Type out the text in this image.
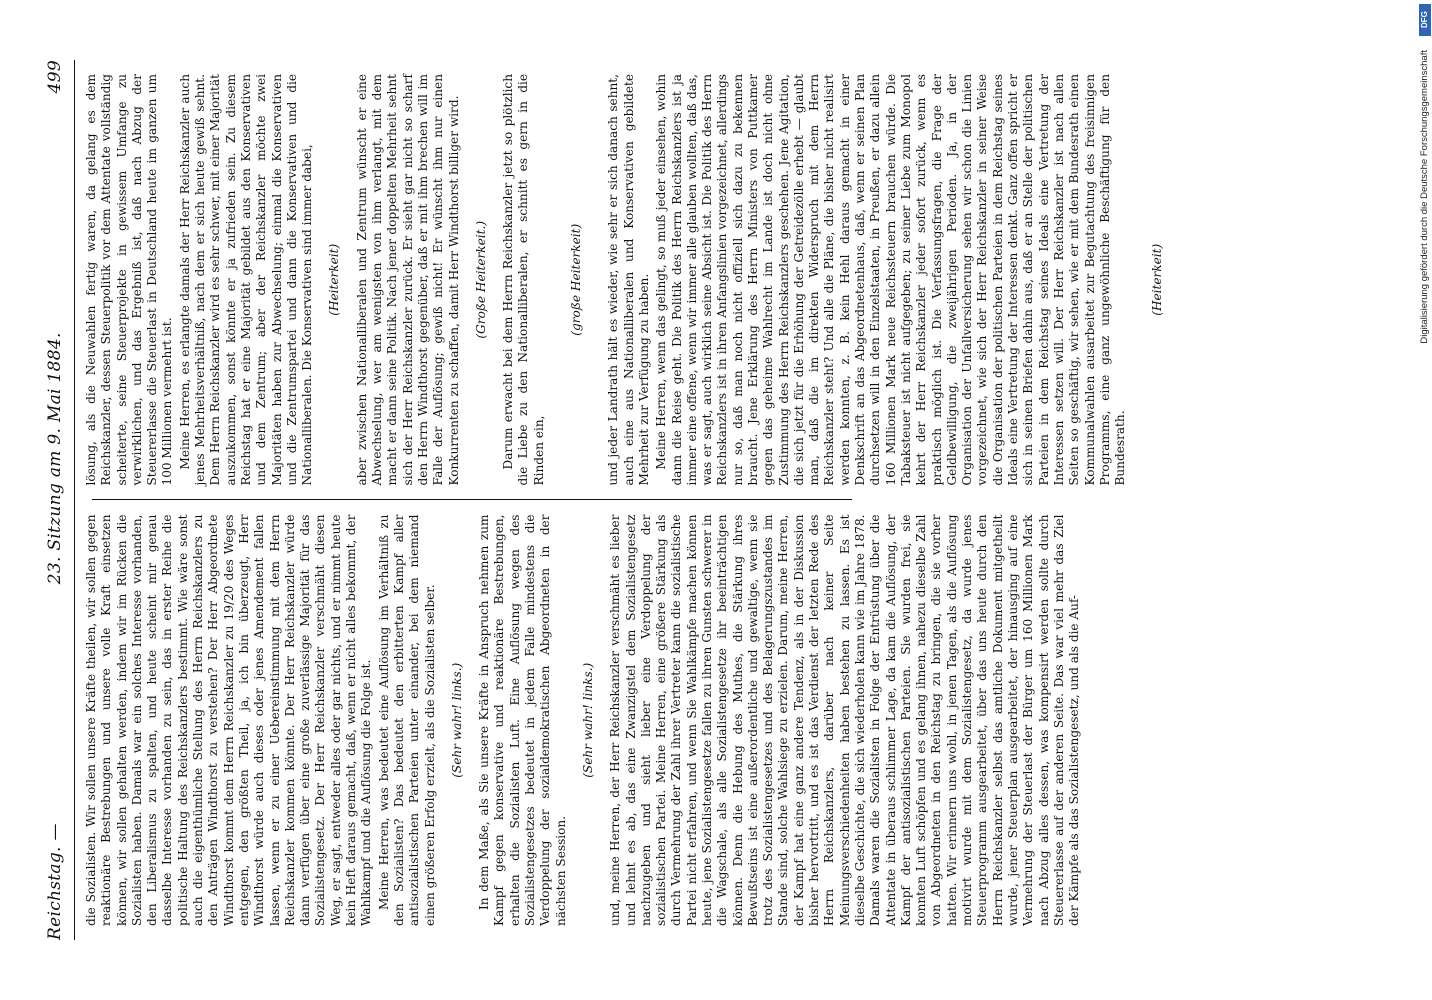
Reichstag. —
23. Sitzung am 9. Mai 1884.
499

die Sozialisten. Wir sollen unsere Kräfte theilen, wir sollen gegen reaktionäre Bestrebungen und unsere volle Kraft einsetzen können, wir sollen gehalten werden, indem wir im Rücken die Sozialisten haben. Damals war ein solches Interesse vorhanden, den Liberalismus zu spalten, und heute scheint mir genau dasselbe Interesse vorhanden zu sein, das in erster Reihe die politische Haltung des Reichskanzlers bestimmt. Wie wäre sonst auch die eigenthümliche Stellung des Herrn Reichskanzlers zu den Anträgen Windthorst zu verstehen? Der Herr Abgeordnete Windthorst kommt dem Herrn Reichskanzler zu 19/20 des Weges entgegen, den größten Theil, ja, ich bin überzeugt, Herr Windthorst würde auch dieses oder jenes Amendement fallen lassen, wenn er zu einer Uebereinstimmung mit dem Herrn Reichskanzler kommen könnte. Der Herr Reichskanzler würde dann verfügen über eine große zuverlässige Majorität für das Sozialistengesetz. Der Herr Reichskanzler verschmäht diesen Weg, er sagt, entweder alles oder gar nichts, und er nimmt heute kein Heft daraus gemacht, daß, wenn er nicht alles bekommt, der Wahlkampf und die Auflösung die Folge ist. Meine Herren, was bedeutet eine Auflösung im Verhältniß zu den Sozialisten? Das bedeutet den erbitterten Kampf aller antisozialistischen Parteien unter einander, bei dem niemand einen größeren Erfolg erzielt, als die Sozialisten selber. (Sehr wahr! links.) In dem Maße, als Sie unsere Kräfte in Anspruch nehmen zum Kampf gegen konservative und reaktionäre Bestrebungen, erhalten die Sozialisten Luft. Eine Auflösung wegen des Sozialistengesetzes bedeutet in jedem Falle mindestens die Verdoppelung der sozialdemokratischen Abgeordneten in der nächsten Session.

(Sehr wahr! links.) und, meine Herren, der Herr Reichskanzler verschmäht es lieber und lehnt es ab, das eine Zwanzigstel dem Sozialistengesetz nachzugeben und sieht lieber eine Verdoppelung der sozialistischen Partei. Meine Herren, eine größere Stärkung als durch Vermehrung der Zahl ihrer Vertreter kann die sozialistische Partei nicht erfahren, und wenn Sie Wahlkämpfe machen können heute, jene Sozialistengesetze fallen zu ihren Gunsten schwerer in die Wagschale, als alle Sozialistengesetze ihr beeinträchtigen können. Denn die Hebung des Muthes, die Stärkung ihres Bewußtseins ist eine außerordentliche und gewaltige, wenn sie trotz des Sozialistengesetzes und des Belagerungszustandes im Stande sind, solche Wahlsiege zu erzielen. Darum, meine Herren, der Kampf hat eine ganz andere Tendenz, als in der Diskussion bisher hervortritt, und es ist das Verdienst der letzten Rede des Herrn Reichskanzlers, darüber nach keiner Seite Meinungsverschiedenheiten haben bestehen zu lassen. Es ist dieselbe Geschichte, die sich wiederholen kann wie im Jahre 1878. Damals waren die Sozialisten in Folge der Entrüstung über die Attentate in überaus schlimmer Lage, da kam die Auflösung, der Kampf der antisozialistischen Parteien. Sie wurden frei, sie konnten Luft schöpfen und es gelang ihnen, nahezu dieselbe Zahl von Abgeordneten in den Reichstag zu bringen, die sie vorher hatten. Wir erinnern uns wohl, in jenen Tagen, als die Auflösung motivirt wurde mit dem Sozialistengesetz, da wurde jenes Steuerprogramm ausgearbeitet, über das uns heute durch den Herrn Reichskanzler selbst das amtliche Dokument mitgetheilt wurde, jener Steuerplan ausgearbeitet, der hinausging auf eine Vermehrung der Steuerlast der Bürger um 160 Millionen Mark nach Abzug alles dessen, was kompensirt werden sollte durch Steuererlasse auf der anderen Seite. Das war viel mehr das Ziel der Kämpfe als das Sozialistengesetz, und als die Auf-

lösung, als die Neuwahlen fertig waren, da gelang es dem Reichskanzler, dessen Steuerpolitik vor dem Attentate vollständig scheiterte, seine Steuerprojekte in gewissem Umfange zu verwirklichen, und das Ergebniß ist, daß nach Abzug der Steuererlasse die Steuerlast in Deutschland heute im ganzen um 100 Millionen vermehrt ist. Meine Herren, es erlangte damals der Herr Reichskanzler auch jenes Mehrheitsverhältniß, nach dem er sich heute gewiß sehnt. Dem Herrn Reichskanzler wird es sehr schwer, mit einer Majorität auszukommen, sonst könnte er ja zufrieden sein. Zu diesem Reichstag hat er eine Majorität gebildet aus den Konservativen und dem Zentrum; aber der Reichskanzler möchte zwei Majoritäten haben zur Abwechselung; einmal die Konservativen und die Zentrumspartei und dann die Konservativen und die Nationalliberalen. Die Konservativen sind immer dabei, (Heiterkeit) aber zwischen Nationalliberalen und Zentrum wünscht er eine Abwechselung, wer am wenigsten von ihm verlangt, mit dem macht er dann seine Politik. Nach jener doppelten Mehrheit sehnt sich der Herr Reichskanzler zurück. Er sieht gar nicht so scharf den Herrn Windthorst gegenüber, daß er mit ihm brechen will im Falle der Auflösung; gewiß nicht! Er wünscht ihm nur einen Konkurrenten zu schaffen, damit Herr Windthorst billiger wird. (Große Heiterkeit.) Darum erwacht bei dem Herrn Reichskanzler jetzt so plötzlich die Liebe zu den Nationalliberalen, er schnitt es gern in die Rinden ein,

(große Heiterkeit) und jeder Landrath hält es wieder, wie sehr er sich danach sehnt, auch eine aus Nationalliberalen und Konservativen gebildete Mehrheit zur Verfügung zu haben. Meine Herren, wenn das gelingt, so muß jeder einsehen, wohin dann die Reise geht. Die Politik des Herrn Reichskanzlers ist ja immer eine offene, wenn wir immer alle glauben wollten, daß das, was er sagt, auch wirklich seine Absicht ist. Die Politik des Herrn Reichskanzlers ist in ihren Anfangslinien vorgezeichnet, allerdings nur so, daß man noch nicht offiziell sich dazu zu bekennen braucht. Jene Erklärung des Herrn Ministers von Puttkamer gegen das geheime Wahlrecht im Lande ist doch nicht ohne Zustimmung des Herrn Reichskanzlers geschehen. Jene Agitation, die sich jetzt für die Erhöhung der Getreidezölle erhebt — glaubt man, daß die im direkten Widerspruch mit dem Herrn Reichskanzler steht? Und alle die Pläne, die bisher nicht realisirt werden konnten, z. B. kein Hehl daraus gemacht in einer Denkschrift an das Abgeordnetenhaus, daß, wenn er seinen Plan durchsetzen will in den Einzelstaaten, in Preußen, er dazu allein 160 Millionen Mark neue Reichssteuern brauchen würde. Die Tabaksteuer ist nicht aufgegeben; zu seiner Liebe zum Monopol kehrt der Herr Reichskanzler jeder sofort zurück, wenn es praktisch möglich ist. Die Verfassungsfragen, die Frage der Geldbewilligung, die zweijährigen Perioden. Ja, in der Organisation der Unfallversicherung sehen wir schon die Linien vorgezeichnet, wie sich der Herr Reichskanzler in seiner Weise die Organisation der politischen Parteien in dem Reichstag seines Ideals eine Vertretung der Interessen denkt. Ganz offen spricht er sich in seinen Briefen dahin aus, daß er an Stelle der politischen Parteien in dem Reichstag seines Ideals eine Vertretung der Interessen setzen will. Der Herr Reichskanzler ist nach allen Seiten so geschäftig, wir sehen, wie er mit dem Bundesrath einen Kommunalwahlen ausarbeitet zur Begutachtung des freisinnigen Programms, eine ganz ungewöhnliche Beschäftigung für den Bundesrath.

(Heiterkeit)

DFG
Digitalisierung gefördert durch die Deutsche Forschungsgemeinschaft
